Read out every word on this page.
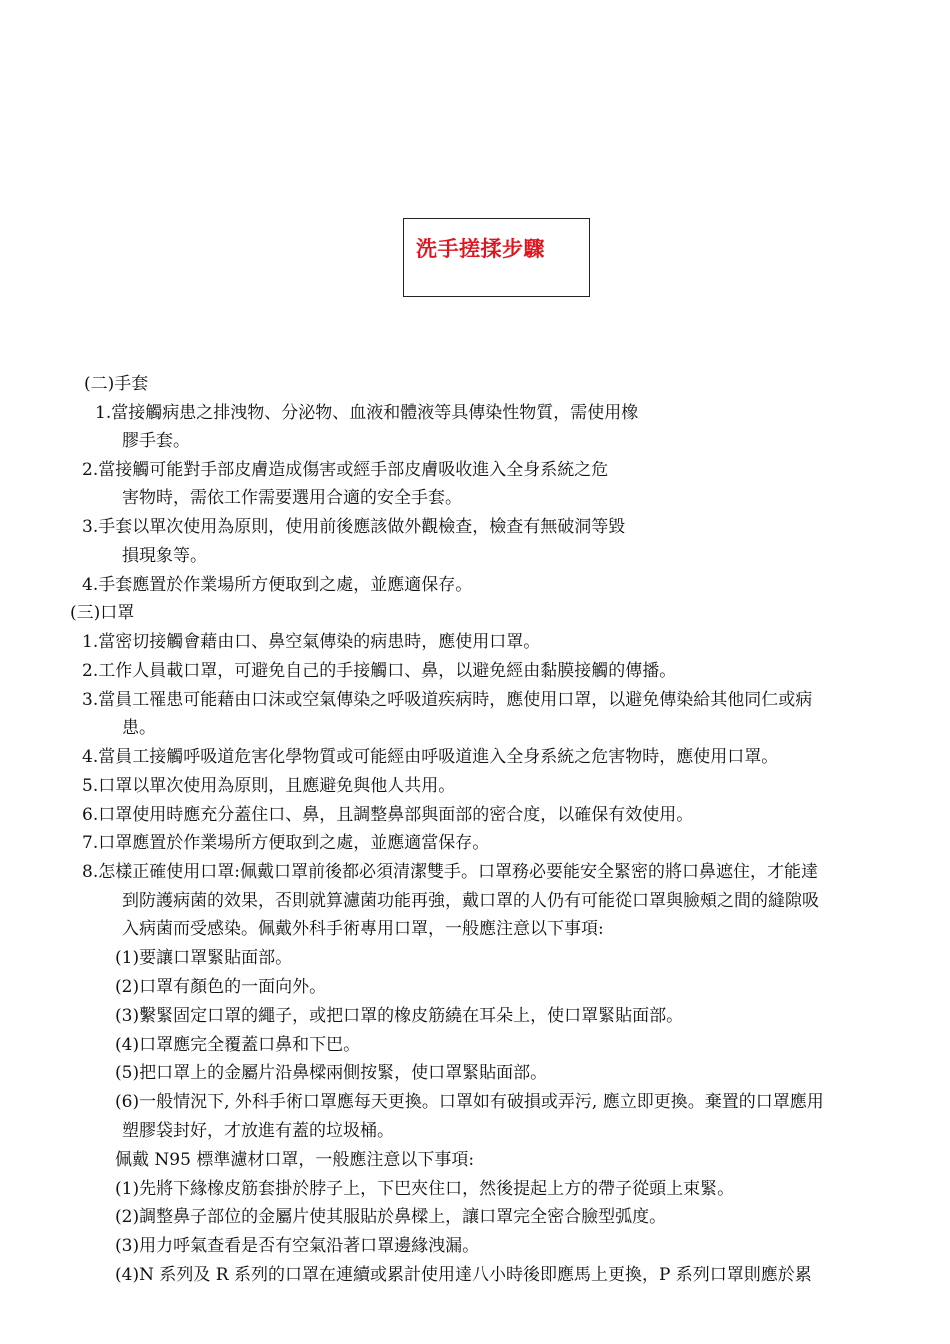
洗手搓揉步驟
(二)手套
1.當接觸病患之排洩物、分泌物、血液和體液等具傳染性物質，需使用橡
膠手套。
2.當接觸可能對手部皮膚造成傷害或經手部皮膚吸收進入全身系統之危
害物時，需依工作需要選用合適的安全手套。
3.手套以單次使用為原則，使用前後應該做外觀檢查，檢查有無破洞等毀
損現象等。
4.手套應置於作業場所方便取到之處，並應適保存。
(三)口罩
1.當密切接觸會藉由口、鼻空氣傳染的病患時，應使用口罩。
2.工作人員載口罩，可避免自己的手接觸口、鼻，以避免經由黏膜接觸的傳播。
3.當員工罹患可能藉由口沫或空氣傳染之呼吸道疾病時，應使用口罩，以避免傳染給其他同仁或病
患。
4.當員工接觸呼吸道危害化學物質或可能經由呼吸道進入全身系統之危害物時，應使用口罩。
5.口罩以單次使用為原則，且應避免與他人共用。
6.口罩使用時應充分蓋住口、鼻，且調整鼻部與面部的密合度，以確保有效使用。
7.口罩應置於作業場所方便取到之處，並應適當保存。
8.怎樣正確使用口罩:佩戴口罩前後都必須清潔雙手。口罩務必要能安全緊密的將口鼻遮住，才能達
到防護病菌的效果，否則就算濾菌功能再強，戴口罩的人仍有可能從口罩與臉頰之間的縫隙吸
入病菌而受感染。佩戴外科手術專用口罩，一般應注意以下事項:
(1)要讓口罩緊貼面部。
(2)口罩有顏色的一面向外。
(3)繫緊固定口罩的繩子，或把口罩的橡皮筋繞在耳朵上，使口罩緊貼面部。
(4)口罩應完全覆蓋口鼻和下巴。
(5)把口罩上的金屬片沿鼻樑兩側按緊，使口罩緊貼面部。
(6)一般情況下, 外科手術口罩應每天更換。口罩如有破損或弄污, 應立即更換。棄置的口罩應用
塑膠袋封好，才放進有蓋的垃圾桶。
佩戴 N95 標準濾材口罩，一般應注意以下事項:
(1)先將下緣橡皮筋套掛於脖子上，下巴夾住口，然後提起上方的帶子從頭上束緊。
(2)調整鼻子部位的金屬片使其服貼於鼻樑上，讓口罩完全密合臉型弧度。
(3)用力呼氣查看是否有空氣沿著口罩邊緣洩漏。
(4)N 系列及 R 系列的口罩在連續或累計使用達八小時後即應馬上更換，P 系列口罩則應於累
